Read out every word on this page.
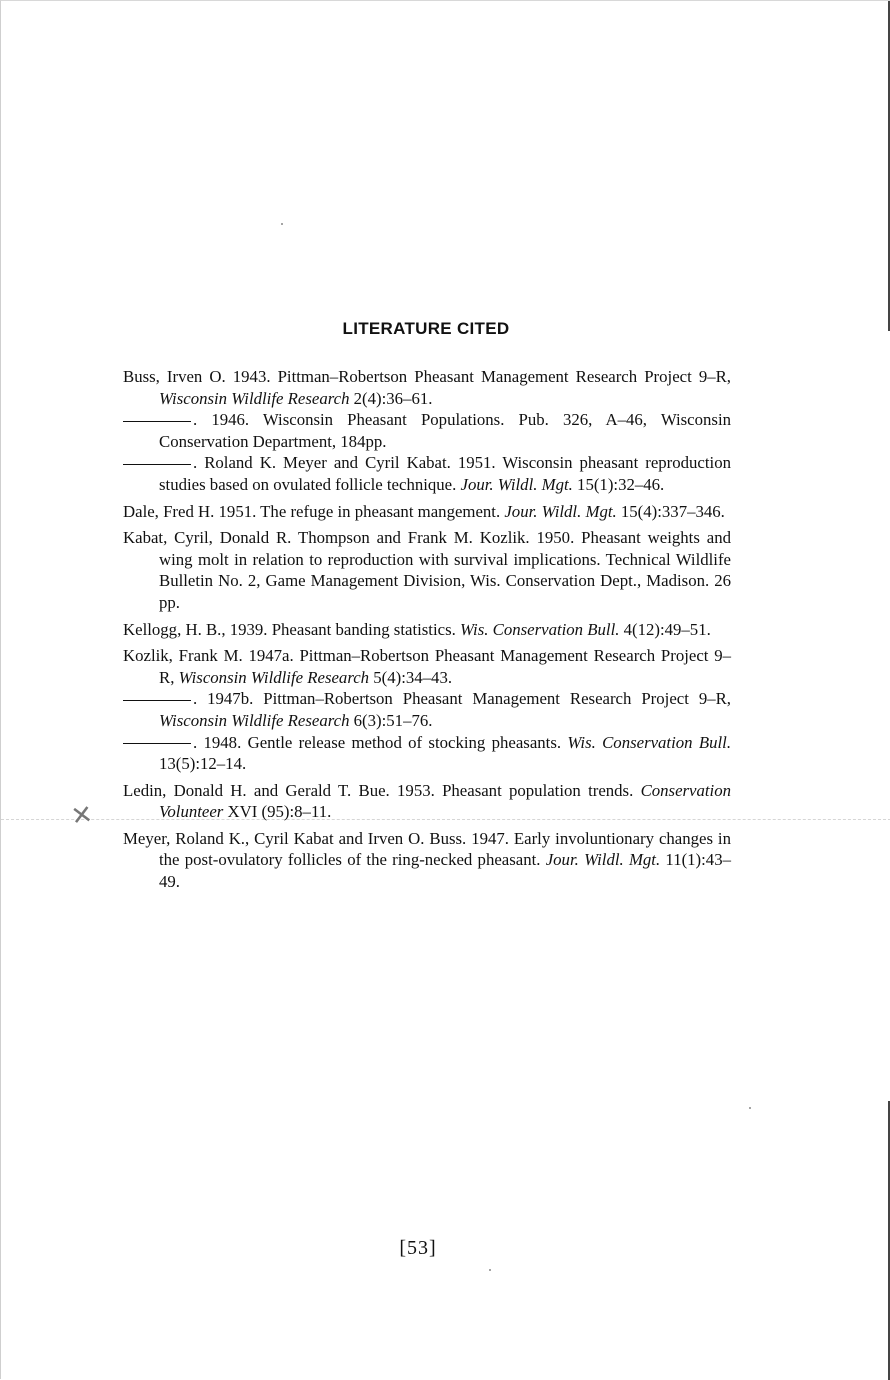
✕
LITERATURE CITED

Buss, Irven O. 1943. Pittman–Robertson Pheasant Management Research Project 9–R, Wisconsin Wildlife Research 2(4):36–61.

. 1946. Wisconsin Pheasant Populations. Pub. 326, A–46, Wisconsin Conservation Department, 184pp.

. Roland K. Meyer and Cyril Kabat. 1951. Wisconsin pheasant reproduction studies based on ovulated follicle technique. Jour. Wildl. Mgt. 15(1):32–46.

Dale, Fred H. 1951. The refuge in pheasant mangement. Jour. Wildl. Mgt. 15(4):337–346.

Kabat, Cyril, Donald R. Thompson and Frank M. Kozlik. 1950. Pheasant weights and wing molt in relation to reproduction with survival implications. Technical Wildlife Bulletin No. 2, Game Management Division, Wis. Conservation Dept., Madison. 26 pp.

Kellogg, H. B., 1939. Pheasant banding statistics. Wis. Conservation Bull. 4(12):49–51.

Kozlik, Frank M. 1947a. Pittman–Robertson Pheasant Management Research Project 9–R, Wisconsin Wildlife Research 5(4):34–43.

. 1947b. Pittman–Robertson Pheasant Management Research Project 9–R, Wisconsin Wildlife Research 6(3):51–76.

. 1948. Gentle release method of stocking pheasants. Wis. Conservation Bull. 13(5):12–14.

Ledin, Donald H. and Gerald T. Bue. 1953. Pheasant population trends. Conservation Volunteer XVI (95):8–11.

Meyer, Roland K., Cyril Kabat and Irven O. Buss. 1947. Early involuntionary changes in the post-ovulatory follicles of the ring-necked pheasant. Jour. Wildl. Mgt. 11(1):43–49.

[53]
